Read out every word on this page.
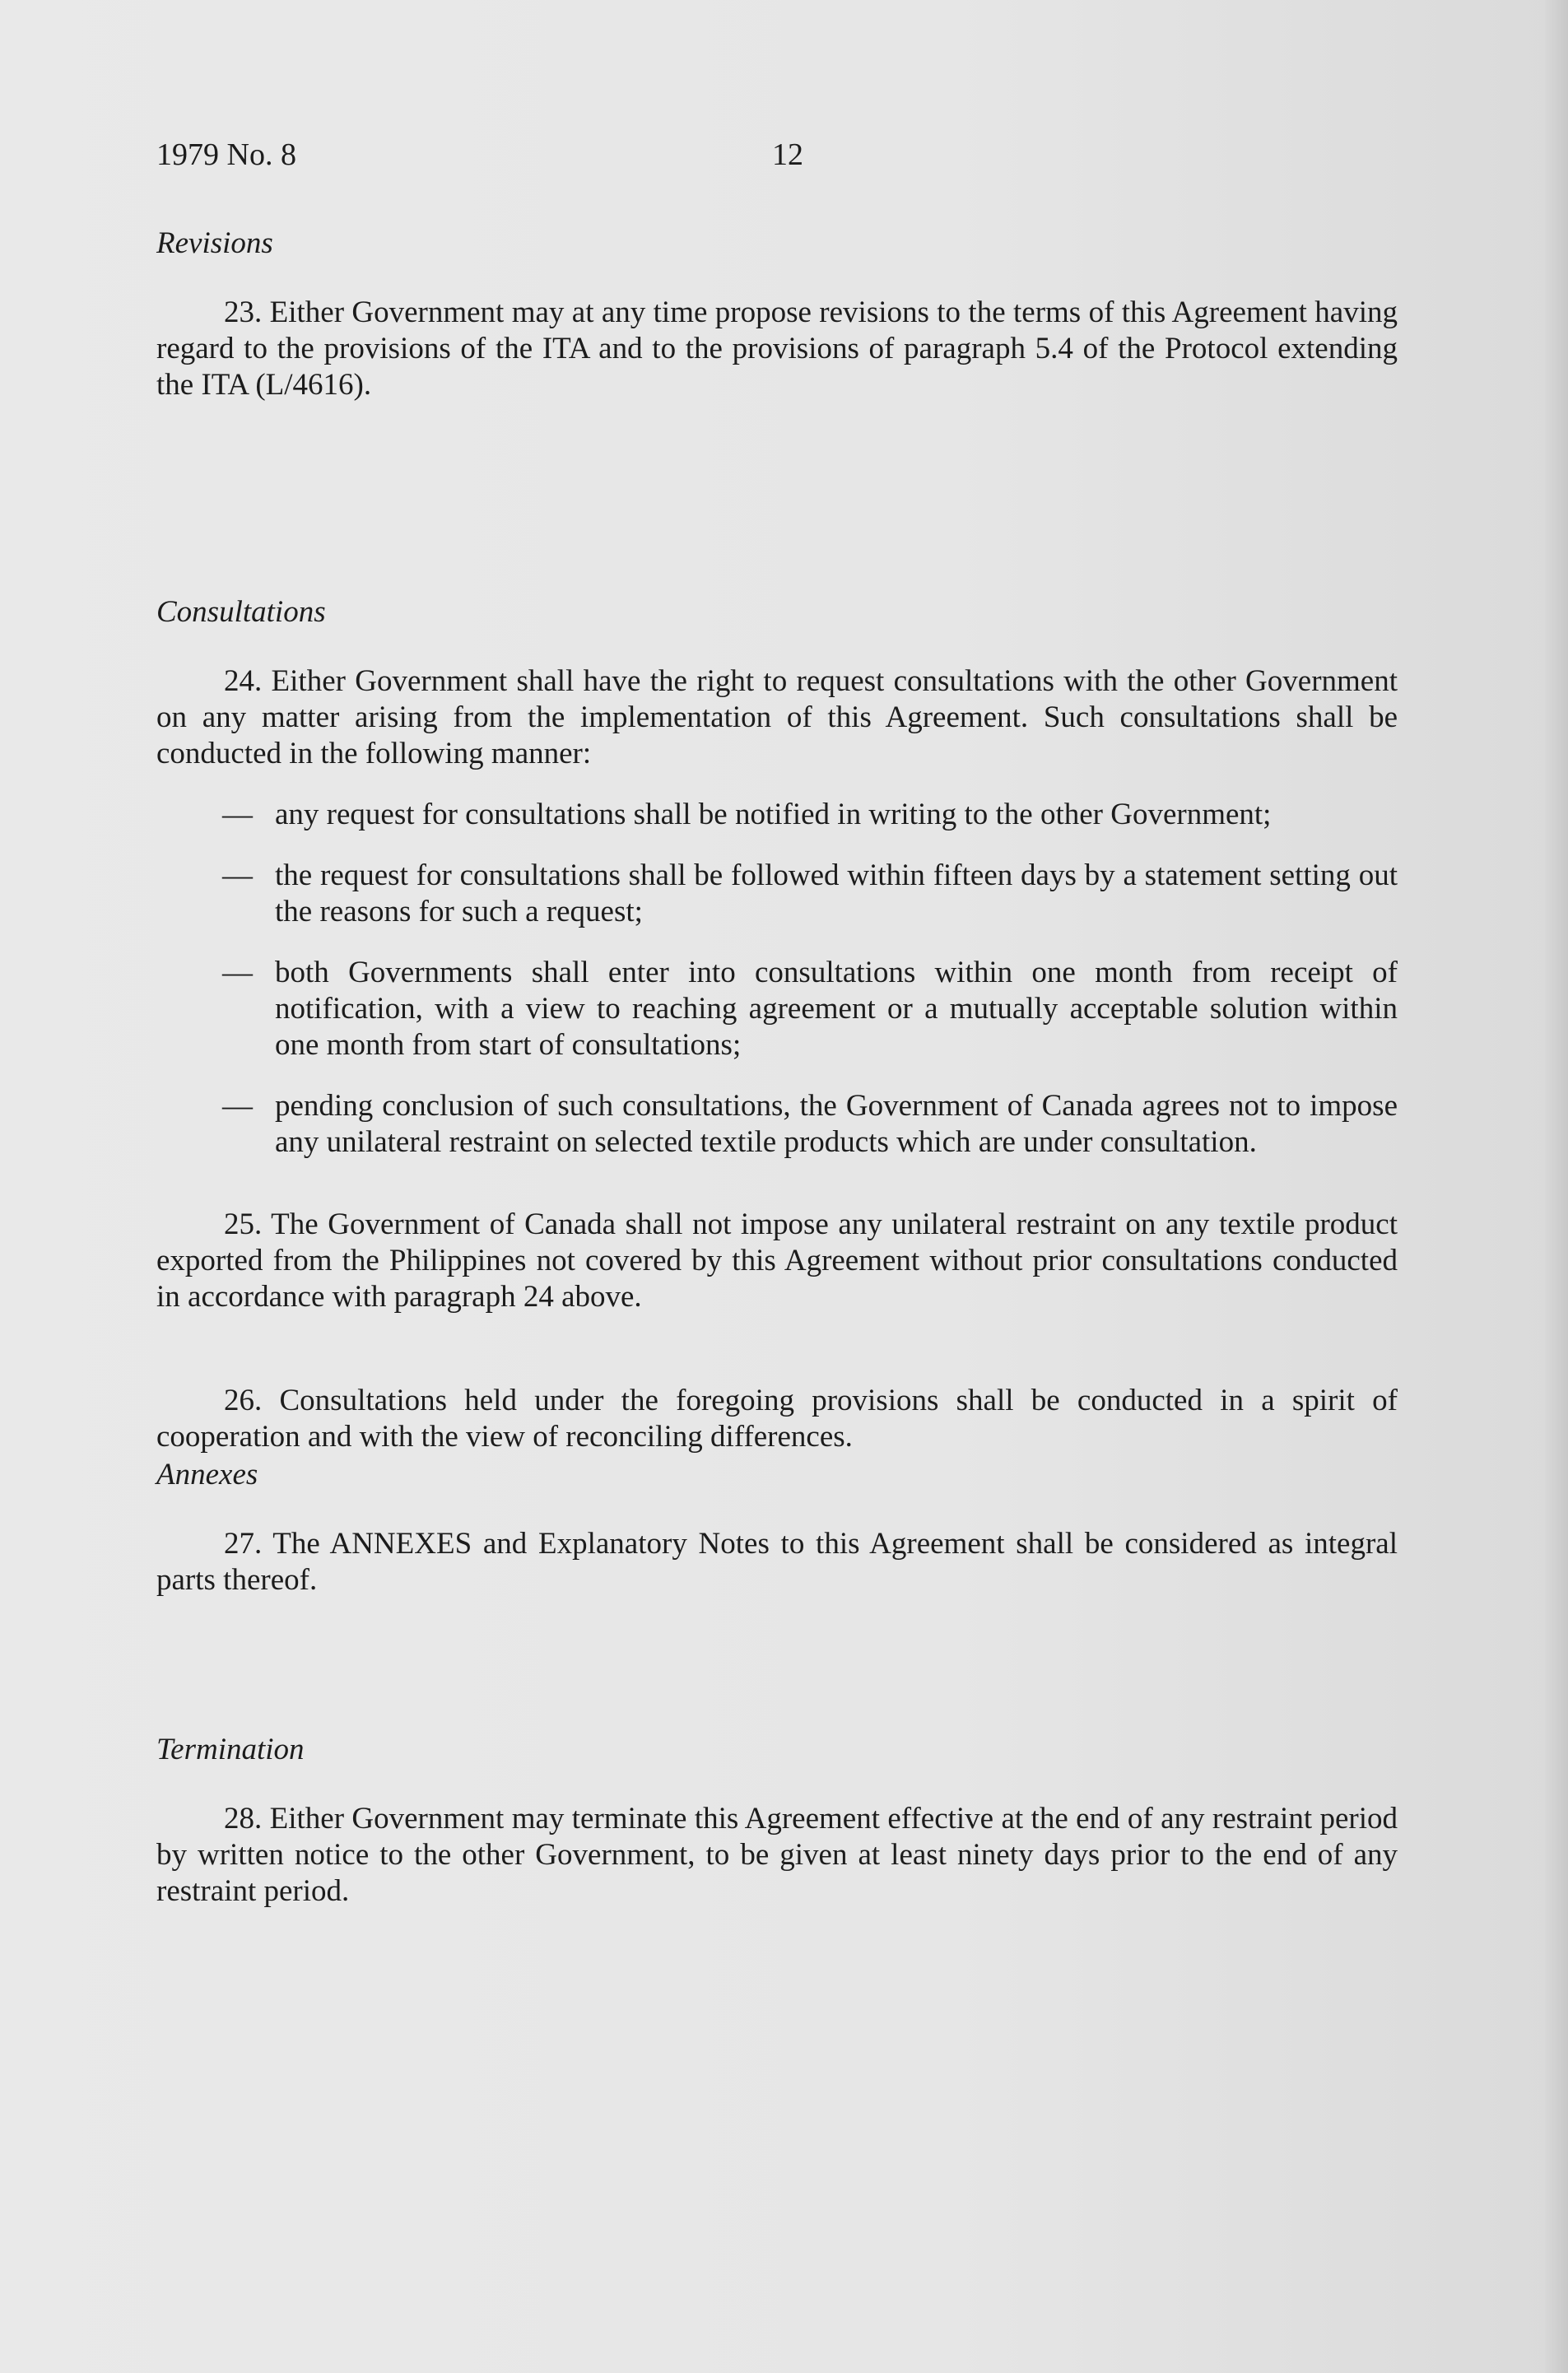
1979 No. 8	12
Revisions

23. Either Government may at any time propose revisions to the terms of this Agreement having regard to the provisions of the ITA and to the provisions of paragraph 5.4 of the Protocol extending the ITA (L/4616).

Consultations

24. Either Government shall have the right to request consultations with the other Government on any matter arising from the implementation of this Agreement. Such consultations shall be conducted in the following manner:

— any request for consultations shall be notified in writing to the other Government;
— the request for consultations shall be followed within fifteen days by a statement setting out the reasons for such a request;
— both Governments shall enter into consultations within one month from receipt of notification, with a view to reaching agreement or a mutually acceptable solution within one month from start of consultations;
— pending conclusion of such consultations, the Government of Canada agrees not to impose any unilateral restraint on selected textile products which are under consultation.

25. The Government of Canada shall not impose any unilateral restraint on any textile product exported from the Philippines not covered by this Agreement without prior consultations conducted in accordance with paragraph 24 above.

26. Consultations held under the foregoing provisions shall be conducted in a spirit of cooperation and with the view of reconciling differences.

Annexes

27. The ANNEXES and Explanatory Notes to this Agreement shall be considered as integral parts thereof.

Termination

28. Either Government may terminate this Agreement effective at the end of any restraint period by written notice to the other Government, to be given at least ninety days prior to the end of any restraint period.
